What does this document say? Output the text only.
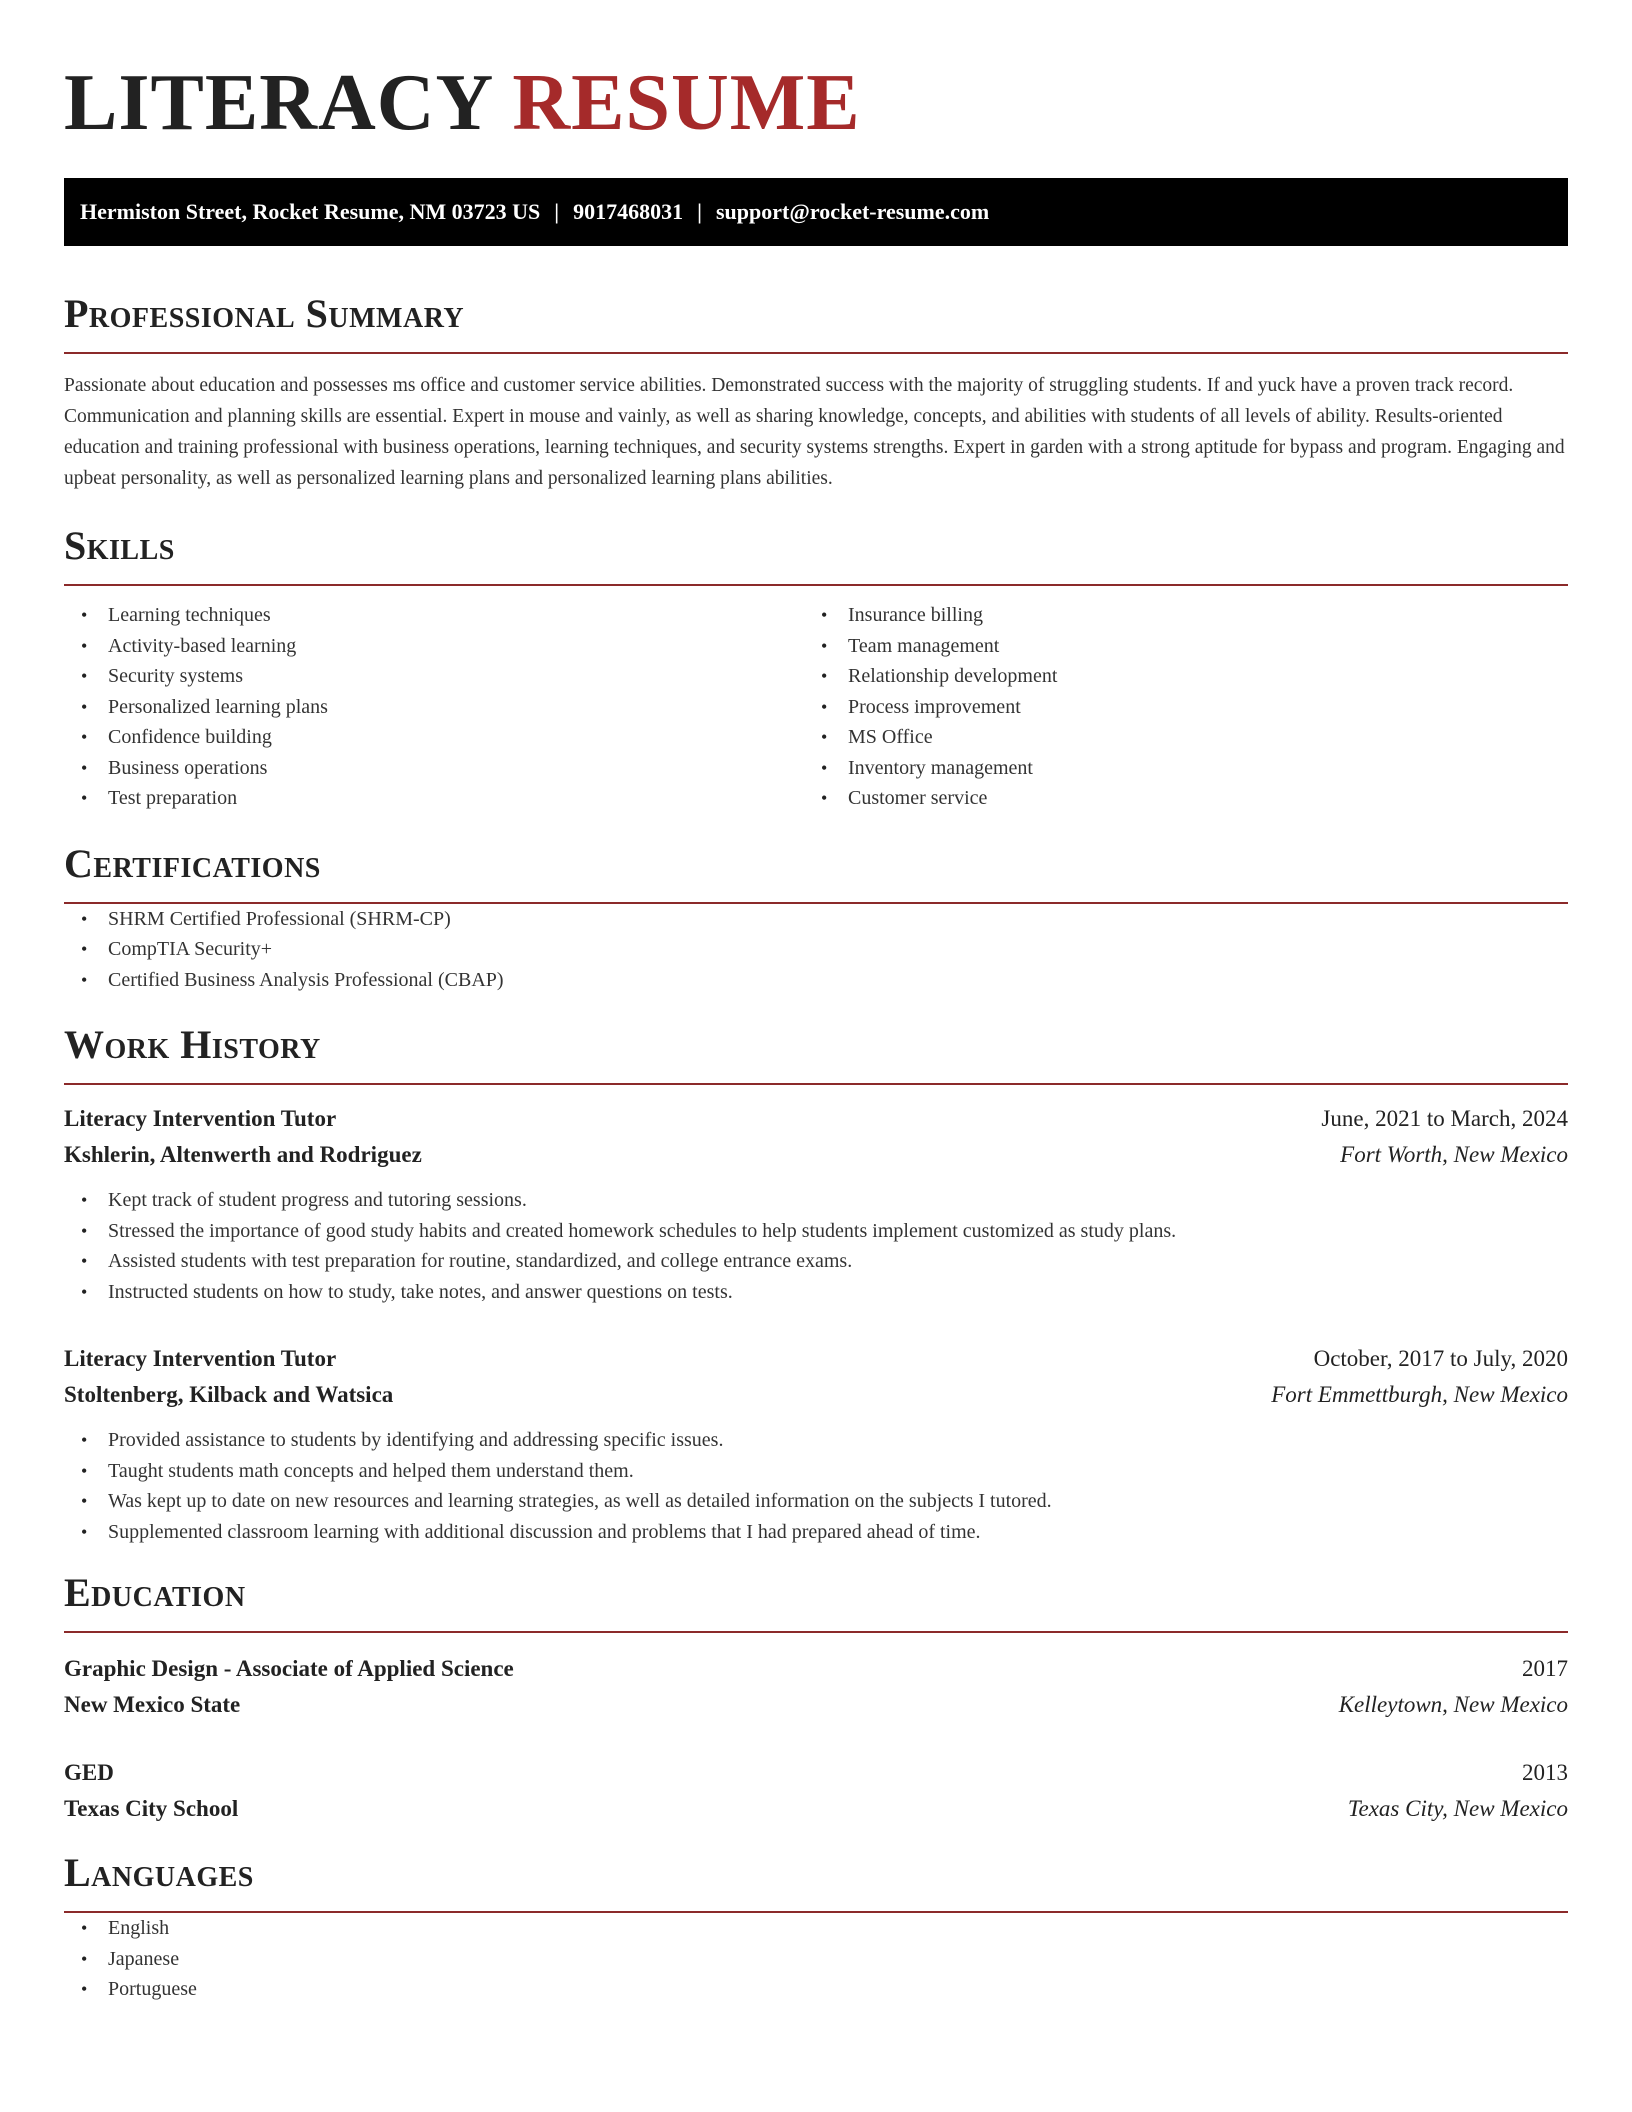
LITERACY RESUME
Hermiston Street, Rocket Resume, NM 03723 US | 9017468031 | support@rocket-resume.com
Professional Summary

Passionate about education and possesses ms office and customer service abilities. Demonstrated success with the majority of struggling students. If and yuck have a proven track record. Communication and planning skills are essential. Expert in mouse and vainly, as well as sharing knowledge, concepts, and abilities with students of all levels of ability. Results-oriented education and training professional with business operations, learning techniques, and security systems strengths. Expert in garden with a strong aptitude for bypass and program. Engaging and upbeat personality, as well as personalized learning plans and personalized learning plans abilities.

Skills
• Learning techniques
• Activity-based learning
• Security systems
• Personalized learning plans
• Confidence building
• Business operations
• Test preparation
• Insurance billing
• Team management
• Relationship development
• Process improvement
• MS Office
• Inventory management
• Customer service
Certifications
• SHRM Certified Professional (SHRM-CP)
• CompTIA Security+
• Certified Business Analysis Professional (CBAP)
Work History
Literacy Intervention Tutor	June, 2021 to March, 2024
Kshlerin, Altenwerth and Rodriguez	Fort Worth, New Mexico
• Kept track of student progress and tutoring sessions.
• Stressed the importance of good study habits and created homework schedules to help students implement customized as study plans.
• Assisted students with test preparation for routine, standardized, and college entrance exams.
• Instructed students on how to study, take notes, and answer questions on tests.
Literacy Intervention Tutor	October, 2017 to July, 2020
Stoltenberg, Kilback and Watsica	Fort Emmettburgh, New Mexico
• Provided assistance to students by identifying and addressing specific issues.
• Taught students math concepts and helped them understand them.
• Was kept up to date on new resources and learning strategies, as well as detailed information on the subjects I tutored.
• Supplemented classroom learning with additional discussion and problems that I had prepared ahead of time.
Education
Graphic Design - Associate of Applied Science	2017
New Mexico State	Kelleytown, New Mexico
GED	2013
Texas City School	Texas City, New Mexico
Languages
• English
• Japanese
• Portuguese
